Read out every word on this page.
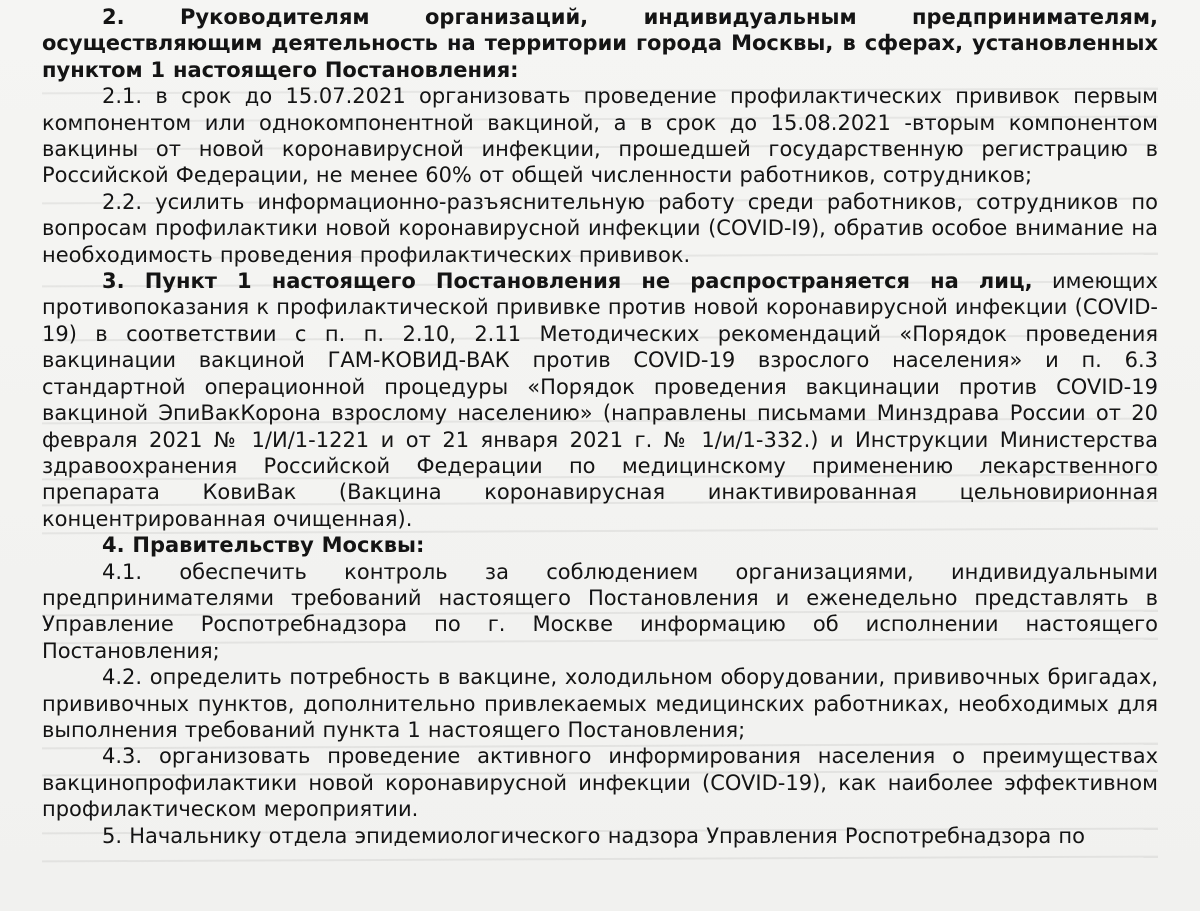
2. Руководителям организаций, индивидуальным предпринимателям, осуществляющим деятельность на территории города Москвы, в сферах, установленных пунктом 1 настоящего Постановления:

2.1. в срок до 15.07.2021 организовать проведение профилактических прививок первым компонентом или однокомпонентной вакциной, а в срок до 15.08.2021 -вторым компонентом вакцины от новой коронавирусной инфекции, прошедшей государственную регистрацию в Российской Федерации, не менее 60% от общей численности работников, сотрудников;

2.2. усилить информационно-разъяснительную работу среди работников, сотрудников по вопросам профилактики новой коронавирусной инфекции (COVID-I9), обратив особое внимание на необходимость проведения профилактических прививок.

3. Пункт 1 настоящего Постановления не распространяется на лиц, имеющих противопоказания к профилактической прививке против новой коронавирусной инфекции (COVID-19) в соответствии с п. п. 2.10, 2.11 Методических рекомендаций «Порядок проведения вакцинации вакциной ГАМ-КОВИД-ВАК против COVID-19 взрослого населения» и п. 6.3 стандартной операционной процедуры «Порядок проведения вакцинации против COVID-19 вакциной ЭпиВакКорона взрослому населению» (направлены письмами Минздрава России от 20 февраля 2021 № 1/И/1-1221 и от 21 января 2021 г. № 1/и/1-332.) и Инструкции Министерства здравоохранения Российской Федерации по медицинскому применению лекарственного препарата КовиВак (Вакцина коронавирусная инактивированная цельновирионная концентрированная очищенная).

4. Правительству Москвы:

4.1. обеспечить контроль за соблюдением организациями, индивидуальными предпринимателями требований настоящего Постановления и еженедельно представлять в Управление Роспотребнадзора по г. Москве информацию об исполнении настоящего Постановления;

4.2. определить потребность в вакцине, холодильном оборудовании, прививочных бригадах, прививочных пунктов, дополнительно привлекаемых медицинских работниках, необходимых для выполнения требований пункта 1 настоящего Постановления;

4.3. организовать проведение активного информирования населения о преимуществах вакцинопрофилактики новой коронавирусной инфекции (COVID-19), как наиболее эффективном профилактическом мероприятии.

5. Начальнику отдела эпидемиологического надзора Управления Роспотребнадзора по
